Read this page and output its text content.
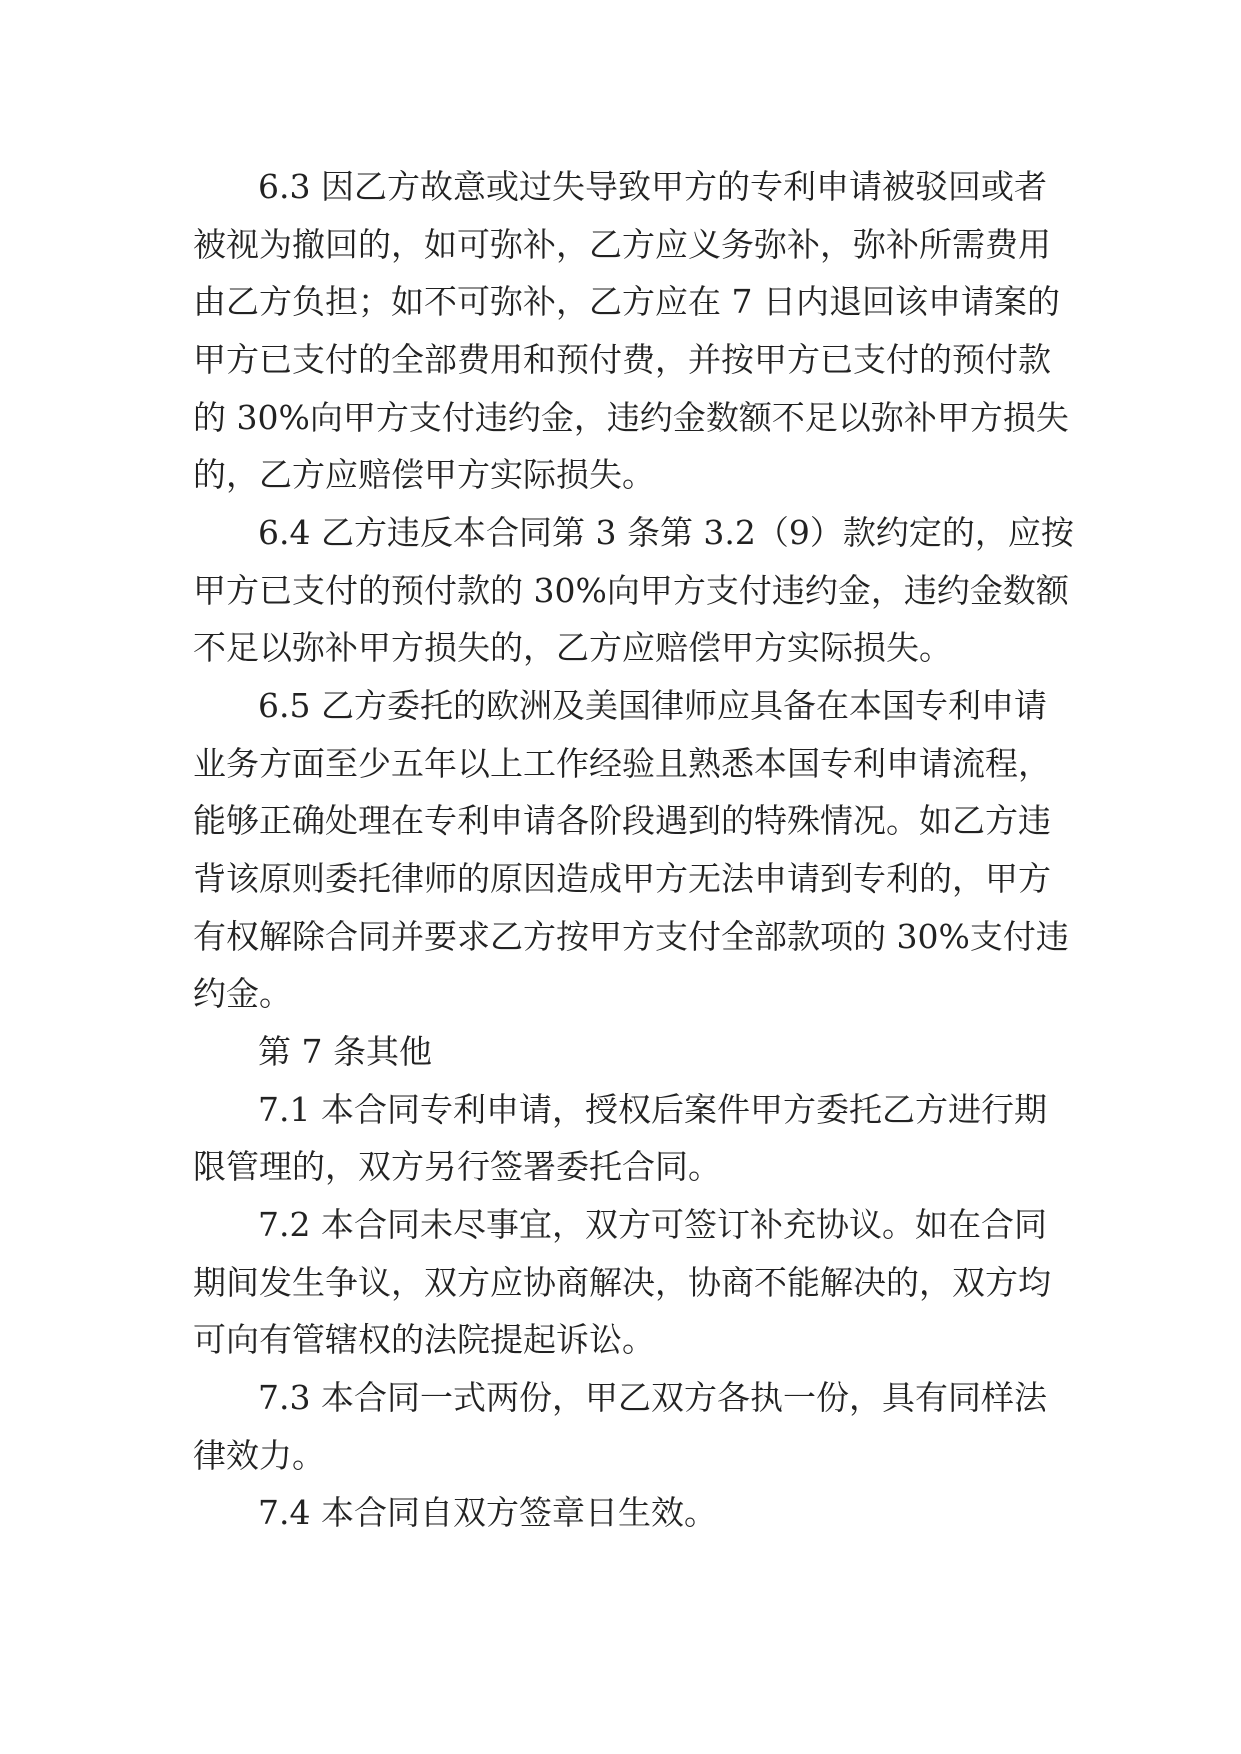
6.3 因乙方故意或过失导致甲方的专利申请被驳回或者
被视为撤回的，如可弥补，乙方应义务弥补，弥补所需费用
由乙方负担；如不可弥补，乙方应在 7 日内退回该申请案的
甲方已支付的全部费用和预付费，并按甲方已支付的预付款
的 30%向甲方支付违约金，违约金数额不足以弥补甲方损失
的，乙方应赔偿甲方实际损失。
6.4 乙方违反本合同第 3 条第 3.2（9）款约定的，应按
甲方已支付的预付款的 30%向甲方支付违约金，违约金数额
不足以弥补甲方损失的，乙方应赔偿甲方实际损失。
6.5 乙方委托的欧洲及美国律师应具备在本国专利申请
业务方面至少五年以上工作经验且熟悉本国专利申请流程，
能够正确处理在专利申请各阶段遇到的特殊情况。如乙方违
背该原则委托律师的原因造成甲方无法申请到专利的，甲方
有权解除合同并要求乙方按甲方支付全部款项的 30%支付违
约金。
第 7 条其他
7.1 本合同专利申请，授权后案件甲方委托乙方进行期
限管理的，双方另行签署委托合同。
7.2 本合同未尽事宜，双方可签订补充协议。如在合同
期间发生争议，双方应协商解决，协商不能解决的，双方均
可向有管辖权的法院提起诉讼。
7.3 本合同一式两份，甲乙双方各执一份，具有同样法
律效力。
7.4 本合同自双方签章日生效。
